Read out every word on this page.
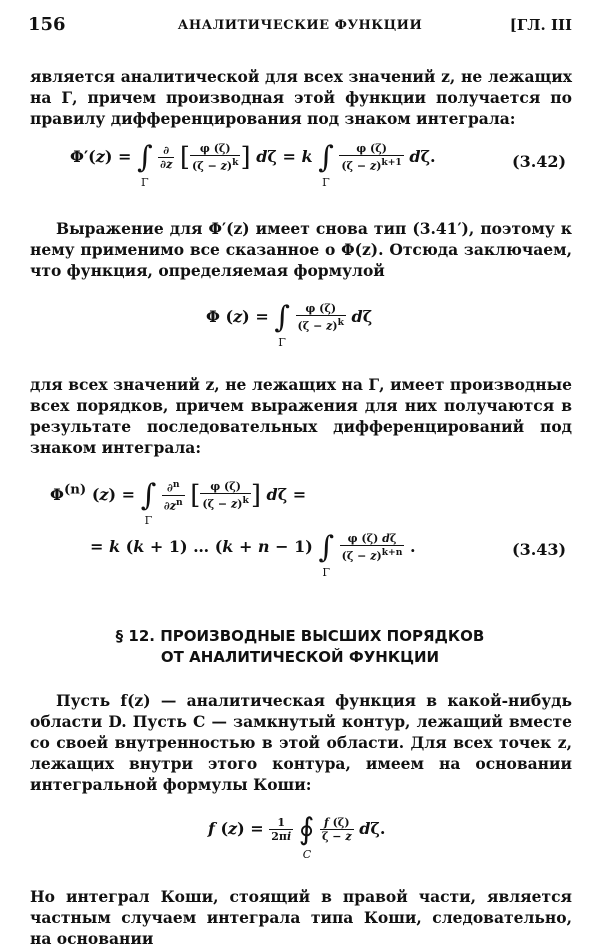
156	АНАЛИТИЧЕСКИЕ ФУНКЦИИ	[ГЛ. III
является аналитической для всех значений z, не лежащих на Г, причем производная этой функции получается по правилу дифференцирования под знаком интеграла:
Φ′(z) = ∫
Γ

$\frac{\partial}{\partial z}$ [ $\frac{\varphi (\zeta)}{(\zeta - z)^k}$ ] dζ = k ∫
Γ

$\frac{\varphi (\zeta)}{(\zeta - z)^{k+1}} d\zeta$.	(3.42)
Выражение для Φ′(z) имеет снова тип (3.41′), поэтому к нему применимо все сказанное о Φ(z). Отсюда заключаем, что функция, определяемая формулой
Φ (z) = ∫
Γ

$\frac{\varphi (\zeta)}{(\zeta - z)^k}$ dζ
для всех значений z, не лежащих на Г, имеет производные всех порядков, причем выражения для них получаются в результате последовательных дифференцирований под знаком интеграла:
$\Phi^{(n)}$ (z) = ∫
Γ

$\frac{\partial^n}{\partial z^n}$ [ $\frac{\varphi (\zeta)}{(\zeta - z)^k}$ ] dζ =
= k (k + 1) … (k + n − 1) ∫
Γ

$\frac{\varphi (\zeta) d\zeta}{(\zeta - z)^{k+n}}$ .	(3.43)
§ 12. ПРОИЗВОДНЫЕ ВЫСШИХ ПОРЯДКОВ
ОТ АНАЛИТИЧЕСКОЙ ФУНКЦИИ
Пусть f(z) — аналитическая функция в какой-нибудь области D. Пусть C — замкнутый контур, лежащий вместе со своей внутренностью в этой области. Для всех точек z, лежащих внутри этого контура, имеем на основании интегральной формулы Коши:
f $(z) = \frac{1}{2\pi i}$ ∮
C

$\frac{f (\zeta)}{\zeta - z} d\zeta$.
Но интеграл Коши, стоящий в правой части, является частным случаем интеграла типа Коши, следовательно, на основании
